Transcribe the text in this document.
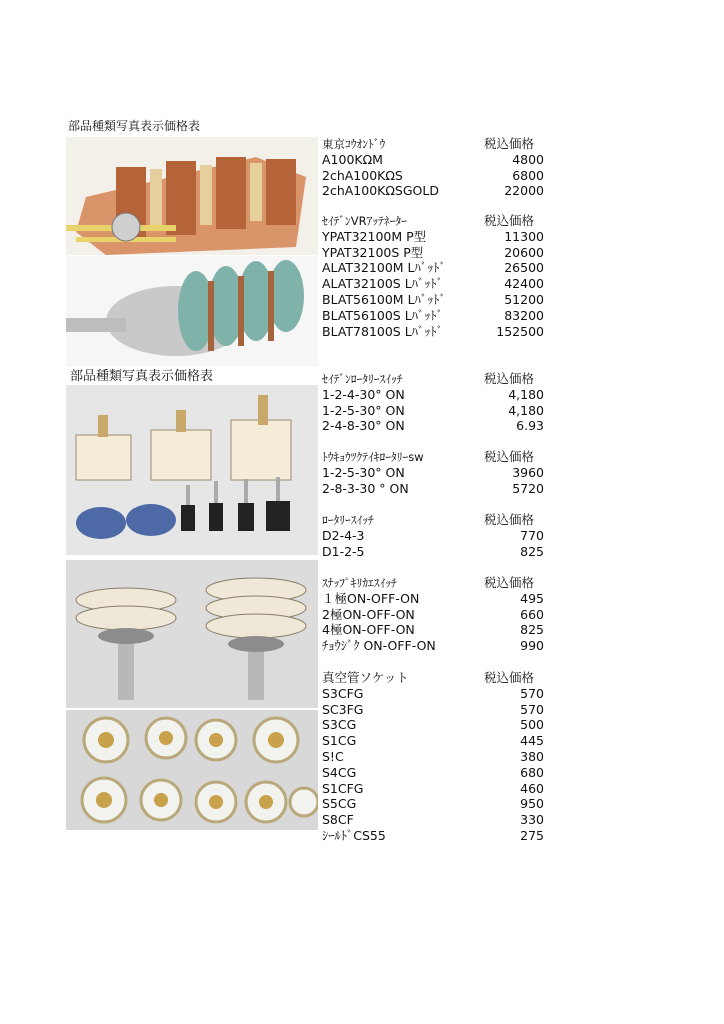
部品種類写真表示価格表
部品種類写真表示価格表
東京ｺｳｵﾝﾄﾞｳ	税込価格
A100KΩM	4800
2chA100KΩS	6800
2chA100KΩSGOLD	22000
ｾｲﾃﾞﾝVRｱｯﾃﾈｰﾀｰ	税込価格
YPAT32100M P型	11300
YPAT32100S P型	20600
ALAT32100M Lﾊﾞｯﾄﾞ	26500
ALAT32100S Lﾊﾞｯﾄﾞ	42400
BLAT56100M Lﾊﾞｯﾄﾞ	51200
BLAT56100S Lﾊﾞｯﾄﾞ	83200
BLAT78100S Lﾊﾞｯﾄﾞ	152500
ｾｲﾃﾞﾝﾛｰﾀﾘｰｽｲｯﾁ	税込価格
1-2-4-30° ON	4,180
1-2-5-30° ON	4,180
2-4-8-30° ON	6.93
ﾄｳｷｮｳﾂｸﾃｲｷﾛｰﾀﾘｰsw	税込価格
1-2-5-30° ON	3960
2-8-3-30 ° ON	5720
ﾛｰﾀﾘｰｽｲｯﾁ	税込価格
D2-4-3	770
D1-2-5	825
ｽﾅｯﾌﾟｷﾘｶｴｽｲｯﾁ	税込価格
１極ON-OFF-ON	495
2極ON-OFF-ON	660
4極ON-OFF-ON	825
ﾁｮｳｼﾞｸ ON-OFF-ON	990
真空管ソケット	税込価格
S3CFG	570
SC3FG	570
S3CG	500
S1CG	445
S!C	380
S4CG	680
S1CFG	460
S5CG	950
S8CF	330
ｼｰﾙﾄﾞCS55	275
